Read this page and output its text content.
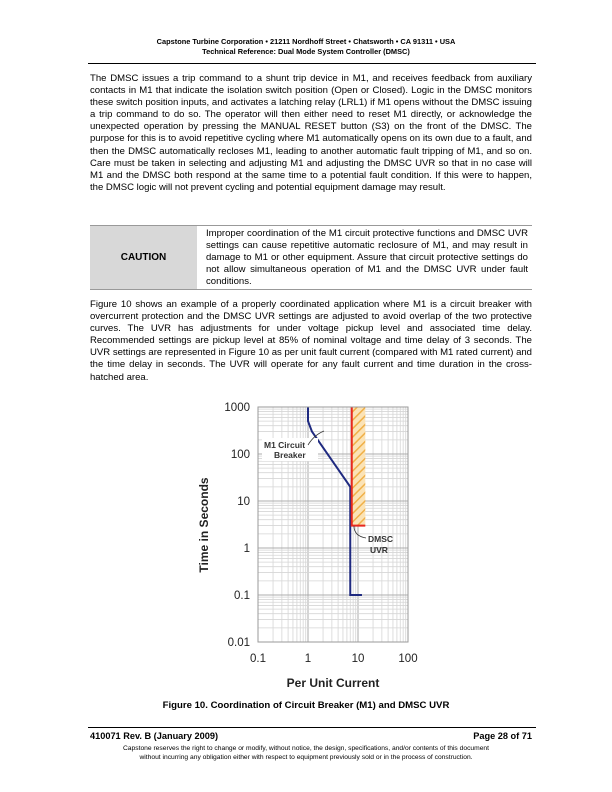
Capstone Turbine Corporation • 21211 Nordhoff Street • Chatsworth • CA 91311 • USA
Technical Reference: Dual Mode System Controller (DMSC)

The DMSC issues a trip command to a shunt trip device in M1, and receives feedback from auxiliary contacts in M1 that indicate the isolation switch position (Open or Closed). Logic in the DMSC monitors these switch position inputs, and activates a latching relay (LRL1) if M1 opens without the DMSC issuing a trip command to do so. The operator will then either need to reset M1 directly, or acknowledge the unexpected operation by pressing the MANUAL RESET button (S3) on the front of the DMSC. The purpose for this is to avoid repetitive cycling where M1 automatically opens on its own due to a fault, and then the DMSC automatically recloses M1, leading to another automatic fault tripping of M1, and so on. Care must be taken in selecting and adjusting M1 and adjusting the DMSC UVR so that in no case will M1 and the DMSC both respond at the same time to a potential fault condition. If this were to happen, the DMSC logic will not prevent cycling and potential equipment damage may result.

CAUTION
Improper coordination of the M1 circuit protective functions and DMSC UVR settings can cause repetitive automatic reclosure of M1, and may result in damage to M1 or other equipment. Assure that circuit protective settings do not allow simultaneous operation of M1 and the DMSC UVR under fault conditions.

Figure 10 shows an example of a properly coordinated application where M1 is a circuit breaker with overcurrent protection and the DMSC UVR settings are adjusted to avoid overlap of the two protective curves. The UVR has adjustments for under voltage pickup level and associated time delay. Recommended settings are pickup level at 85% of nominal voltage and time delay of 3 seconds. The UVR settings are represented in Figure 10 as per unit fault current (compared with M1 rated current) and the time delay in seconds. The UVR will operate for any fault current and time duration in the cross-hatched area.

0.1	1	10	100
1000
100
10
1
0.1
0.01
M1 Circuit
Breaker
DMSC
UVR
Per Unit Current
Time in Seconds
Figure 10. Coordination of Circuit Breaker (M1) and DMSC UVR
410071 Rev. B (January 2009)	Page 28 of 71
Capstone reserves the right to change or modify, without notice, the design, specifications, and/or contents of this document
without incurring any obligation either with respect to equipment previously sold or in the process of construction.
